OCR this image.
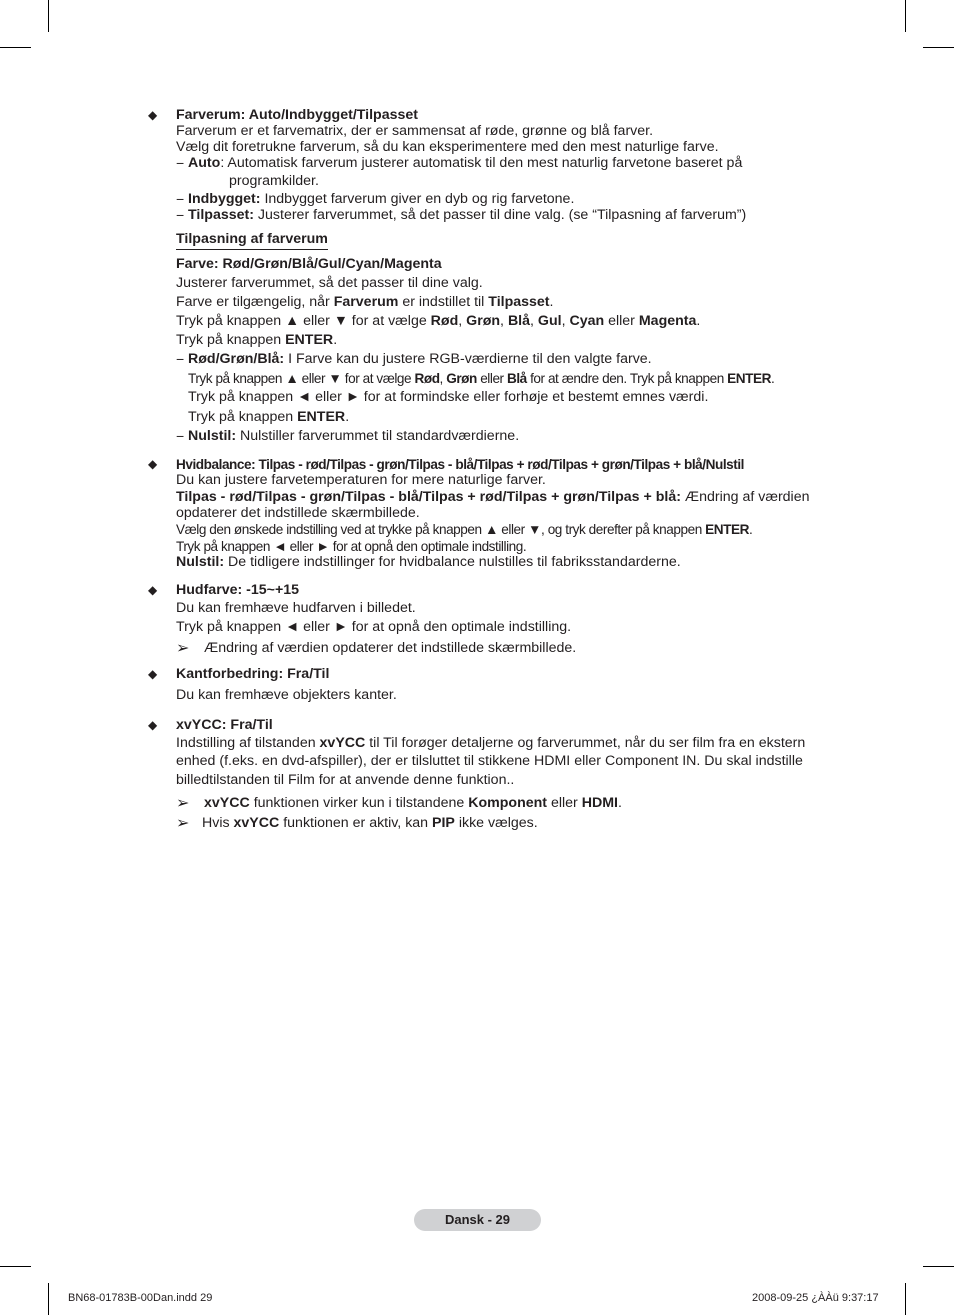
◆ Farverum: Auto/Indbygget/Tilpasset
Farverum er et farvematrix, der er sammensat af røde, grønne og blå farver.
Vælg dit foretrukne farverum, så du kan eksperimentere med den mest naturlige farve.
− Auto: Automatisk farverum justerer automatisk til den mest naturlig farvetone baseret på
programkilder.
− Indbygget: Indbygget farverum giver en dyb og rig farvetone.
− Tilpasset: Justerer farverummet, så det passer til dine valg. (se “Tilpasning af farverum”)
Tilpasning af farverum
Farve: Rød/Grøn/Blå/Gul/Cyan/Magenta
Justerer farverummet, så det passer til dine valg.
Farve er tilgængelig, når Farverum er indstillet til Tilpasset.
Tryk på knappen ▲ eller ▼ for at vælge Rød, Grøn, Blå, Gul, Cyan eller Magenta.
Tryk på knappen ENTER.
− Rød/Grøn/Blå: I Farve kan du justere RGB-værdierne til den valgte farve.
Tryk på knappen ▲ eller ▼ for at vælge Rød, Grøn eller Blå for at ændre den. Tryk på knappen ENTER.
Tryk på knappen ◄ eller ► for at formindske eller forhøje et bestemt emnes værdi.
Tryk på knappen ENTER.
− Nulstil: Nulstiller farverummet til standardværdierne.
◆ Hvidbalance: Tilpas - rød/Tilpas - grøn/Tilpas - blå/Tilpas + rød/Tilpas + grøn/Tilpas + blå/Nulstil
Du kan justere farvetemperaturen for mere naturlige farver.
Tilpas - rød/Tilpas - grøn/Tilpas - blå/Tilpas + rød/Tilpas + grøn/Tilpas + blå: Ændring af værdien
opdaterer det indstillede skærmbillede.
Vælg den ønskede indstilling ved at trykke på knappen ▲ eller ▼, og tryk derefter på knappen ENTER.
Tryk på knappen ◄ eller ► for at opnå den optimale indstilling.
Nulstil: De tidligere indstillinger for hvidbalance nulstilles til fabriksstandarderne.
◆ Hudfarve: -15~+15
Du kan fremhæve hudfarven i billedet.
Tryk på knappen ◄ eller ► for at opnå den optimale indstilling.
➢ Ændring af værdien opdaterer det indstillede skærmbillede.
◆ Kantforbedring: Fra/Til
Du kan fremhæve objekters kanter.
◆ xvYCC: Fra/Til
Indstilling af tilstanden xvYCC til Til forøger detaljerne og farverummet, når du ser film fra en ekstern
enhed (f.eks. en dvd-afspiller), der er tilsluttet til stikkene HDMI eller Component IN. Du skal indstille
billedtilstanden til Film for at anvende denne funktion..
➢ xvYCC funktionen virker kun i tilstandene Komponent eller HDMI.
➢ Hvis xvYCC funktionen er aktiv, kan PIP ikke vælges.
Dansk - 29
BN68-01783B-00Dan.indd 29	2008-09-25 ¿ÀÀü 9:37:17
